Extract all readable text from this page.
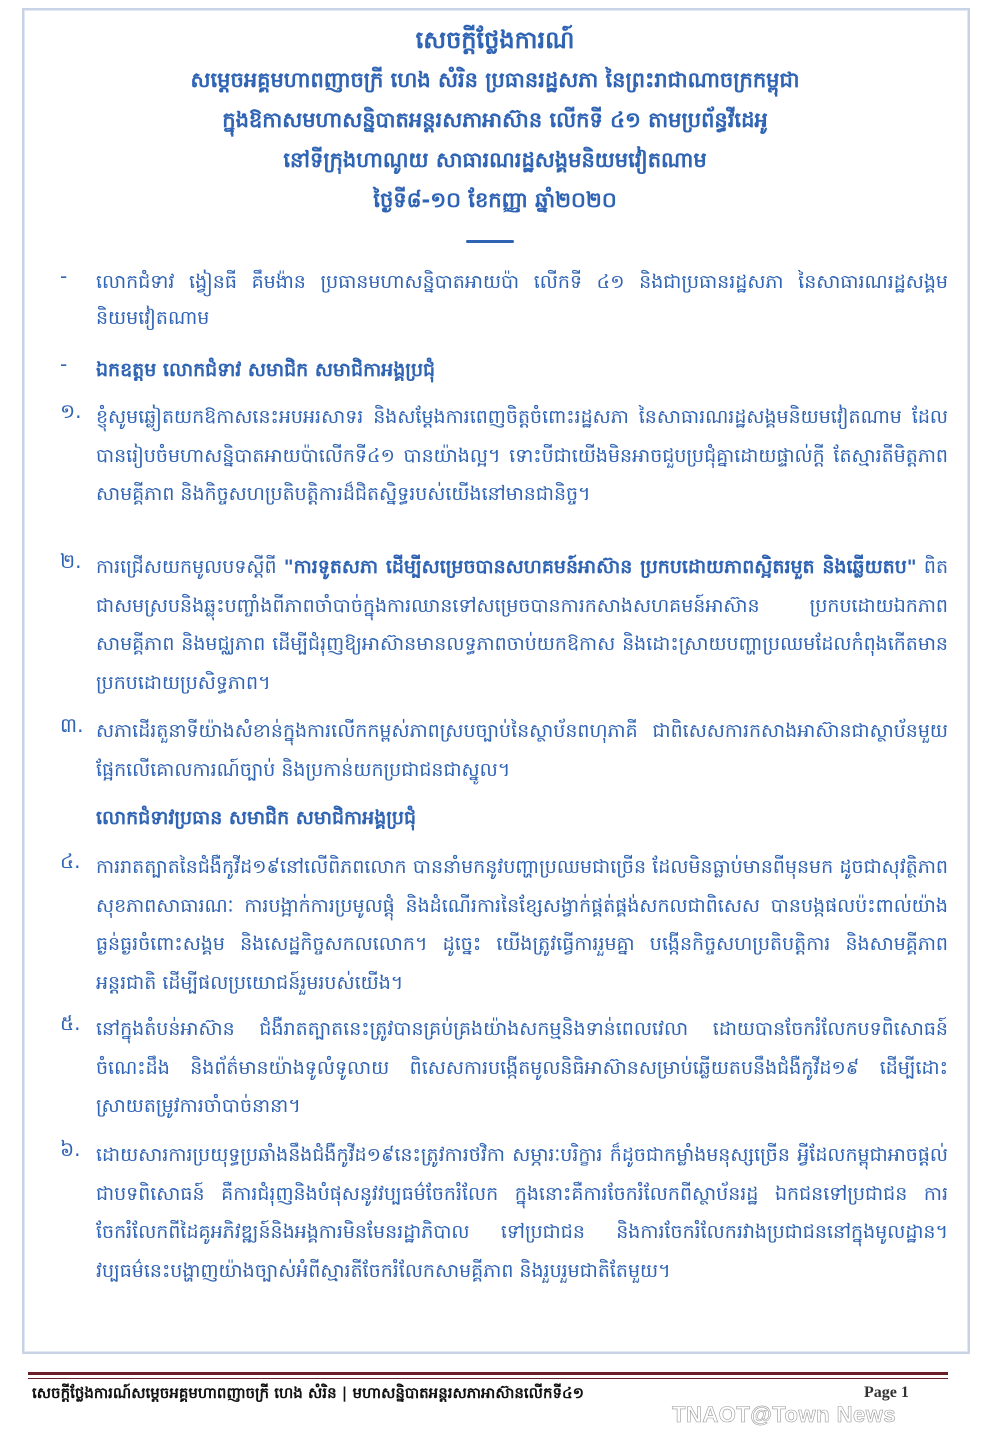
សេចក្តីថ្លែងការណ៍
សម្តេចអគ្គមហាពញាចក្រី ហេង សំរិន ប្រធានរដ្ឋសភា នៃព្រះរាជាណាចក្រកម្ពុជា
ក្នុងឱកាសមហាសន្និបាតអន្តរសភាអាស៊ាន លើកទី ៤១ តាមប្រព័ន្ធវីដេអូ
នៅទីក្រុងហាណូយ សាធារណរដ្ឋសង្គមនិយមវៀតណាម
ថ្ងៃទី៨-១០ ខែកញ្ញា ឆ្នាំ២០២០
-	លោកជំទាវ ង្វៀនធី គឹមង៉ាន ប្រធានមហាសន្និបាតអាយប៉ា លើកទី ៤១ និងជាប្រធានរដ្ឋសភា នៃសាធារណរដ្ឋសង្គមនិយមវៀតណាម
-	ឯកឧត្តម លោកជំទាវ សមាជិក សមាជិកាអង្គប្រជុំ
១. ខ្ញុំសូមឆ្លៀតយកឱកាសនេះអបអរសាទរ និងសម្តែងការពេញចិត្តចំពោះរដ្ឋសភា នៃសាធារណរដ្ឋសង្គមនិយមវៀតណាម ដែលបានរៀបចំមហាសន្និបាតអាយប៉ាលើកទី៤១ បានយ៉ាងល្អ។ ទោះបីជាយើងមិនអាចជួបប្រជុំគ្នាដោយផ្ទាល់ក្តី តែស្មារតីមិត្តភាព សាមគ្គីភាព និងកិច្ចសហប្រតិបត្តិការដ៏ជិតស្និទ្ធរបស់យើងនៅមានជានិច្ច។
២. ការជ្រើសយកមូលបទស្តីពី "ការទូតសភា ដើម្បីសម្រេចបានសហគមន៍អាស៊ាន ប្រកបដោយភាពស្អិតរមួត និងឆ្លើយតប" ពិតជាសមស្របនិងឆ្លុះបញ្ចាំងពីភាពចាំបាច់ក្នុងការឈានទៅសម្រេចបានការកសាងសហគមន៍អាស៊ាន ប្រកបដោយឯកភាព សាមគ្គីភាព និងមជ្ឈភាព ដើម្បីជំរុញឱ្យអាស៊ានមានលទ្ធភាពចាប់យកឱកាស និងដោះស្រាយបញ្ហាប្រឈមដែលកំពុងកើតមានប្រកបដោយប្រសិទ្ធភាព។
៣. សភាដើរតួនាទីយ៉ាងសំខាន់ក្នុងការលើកកម្ពស់ភាពស្របច្បាប់នៃស្ថាប័នពហុភាគី ជាពិសេសការកសាងអាស៊ានជាស្ថាប័នមួយផ្អែកលើគោលការណ៍ច្បាប់ និងប្រកាន់យកប្រជាជនជាស្នូល។
លោកជំទាវប្រធាន សមាជិក សមាជិកាអង្គប្រជុំ
៤. ការរាតត្បាតនៃជំងឺកូវីដ១៩នៅលើពិភពលោក បាននាំមកនូវបញ្ហាប្រឈមជាច្រើន ដែលមិនធ្លាប់មានពីមុនមក ដូចជាសុវត្ថិភាពសុខភាពសាធារណៈ ការបង្អាក់ការប្រមូលផ្តុំ និងដំណើរការនៃខ្សែសង្វាក់ផ្គត់ផ្គង់សកលជាពិសេស បានបង្កផលប៉ះពាល់យ៉ាងធ្ងន់ធ្ងរចំពោះសង្គម និងសេដ្ឋកិច្ចសកលលោក។ ដូច្នេះ យើងត្រូវធ្វើការរួមគ្នា បង្កើនកិច្ចសហប្រតិបត្តិការ និងសាមគ្គីភាពអន្តរជាតិ ដើម្បីផលប្រយោជន៍រួមរបស់យើង។
៥. នៅក្នុងតំបន់អាស៊ាន ជំងឺរាតត្បាតនេះត្រូវបានគ្រប់គ្រងយ៉ាងសកម្មនិងទាន់ពេលវេលា ដោយបានចែករំលែកបទពិសោធន៍ ចំណេះដឹង និងព័ត៌មានយ៉ាងទូលំទូលាយ ពិសេសការបង្កើតមូលនិធិអាស៊ានសម្រាប់ឆ្លើយតបនឹងជំងឺកូវីដ១៩ ដើម្បីដោះស្រាយតម្រូវការចាំបាច់នានា។
៦. ដោយសារការប្រយុទ្ធប្រឆាំងនឹងជំងឺកូវីដ១៩នេះត្រូវការថវិកា សម្ភារៈបរិក្ខារ ក៏ដូចជាកម្លាំងមនុស្សច្រើន អ្វីដែលកម្ពុជាអាចផ្តល់ជាបទពិសោធន៍ គឺការជំរុញនិងបំផុសនូវវប្បធម៌ចែករំលែក ក្នុងនោះគឺការចែករំលែកពីស្ថាប័នរដ្ឋ ឯកជនទៅប្រជាជន ការចែករំលែកពីដៃគូអភិវឌ្ឍន៍និងអង្គការមិនមែនរដ្ឋាភិបាល ទៅប្រជាជន និងការចែករំលែករវាងប្រជាជននៅក្នុងមូលដ្ឋាន។ វប្បធម៌នេះបង្ហាញយ៉ាងច្បាស់អំពីស្មារតីចែករំលែកសាមគ្គីភាព និងរួបរួមជាតិតែមួយ។
សេចក្តីថ្លែងការណ៍សម្តេចអគ្គមហាពញាចក្រី ហេង សំរិន | មហាសន្និបាតអន្តរសភាអាស៊ានលើកទី៤១	Page 1
TNAOT@Town News
